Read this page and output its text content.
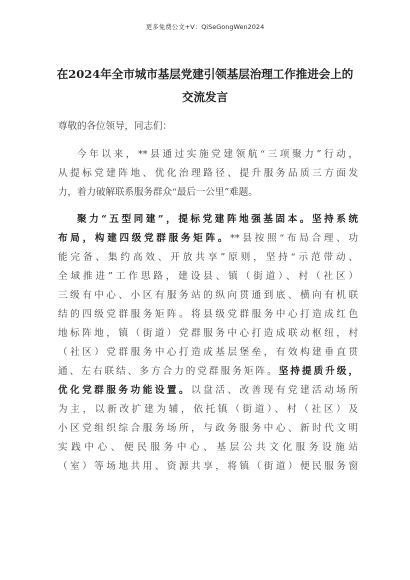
更多免费公文+V：QiSeGongWen2024
在2024年全市城市基层党建引领基层治理工作推进会上的
交流发言
尊敬的各位领导，同志们：
今年以来，**县通过实施党建领航“三项聚力”行动，
从提标党建阵地、优化治理路径、提升服务品质三方面发
力，着力破解联系服务群众“最后一公里”难题。
聚力“五型同建”，提标党建阵地强基固本。坚持系统
布局，构建四级党群服务矩阵。**县按照“布局合理、功
能完备、集约高效、开放共享”原则，坚持“示范带动、
全域推进”工作思路，建设县、镇（街道）、村（社区）
三级有中心、小区有服务站的纵向贯通到底、横向有机联
结的四级党群服务矩阵。将县级党群服务中心打造成红色
地标阵地，镇（街道）党群服务中心打造成联动枢纽，村
（社区）党群服务中心打造成基层堡垒，有效构建垂直贯
通、左右联结、多方合力的党群服务矩阵。坚持提质升级，
优化党群服务功能设置。以盘活、改善现有党建活动场所
为主，以新改扩建为辅，依托镇（街道）、村（社区）及
小区党组织综合服务场所，与政务服务中心、新时代文明
实践中心、便民服务中心、基层公共文化服务设施站
（室）等场地共用、资源共享，将镇（街道）便民服务窗
